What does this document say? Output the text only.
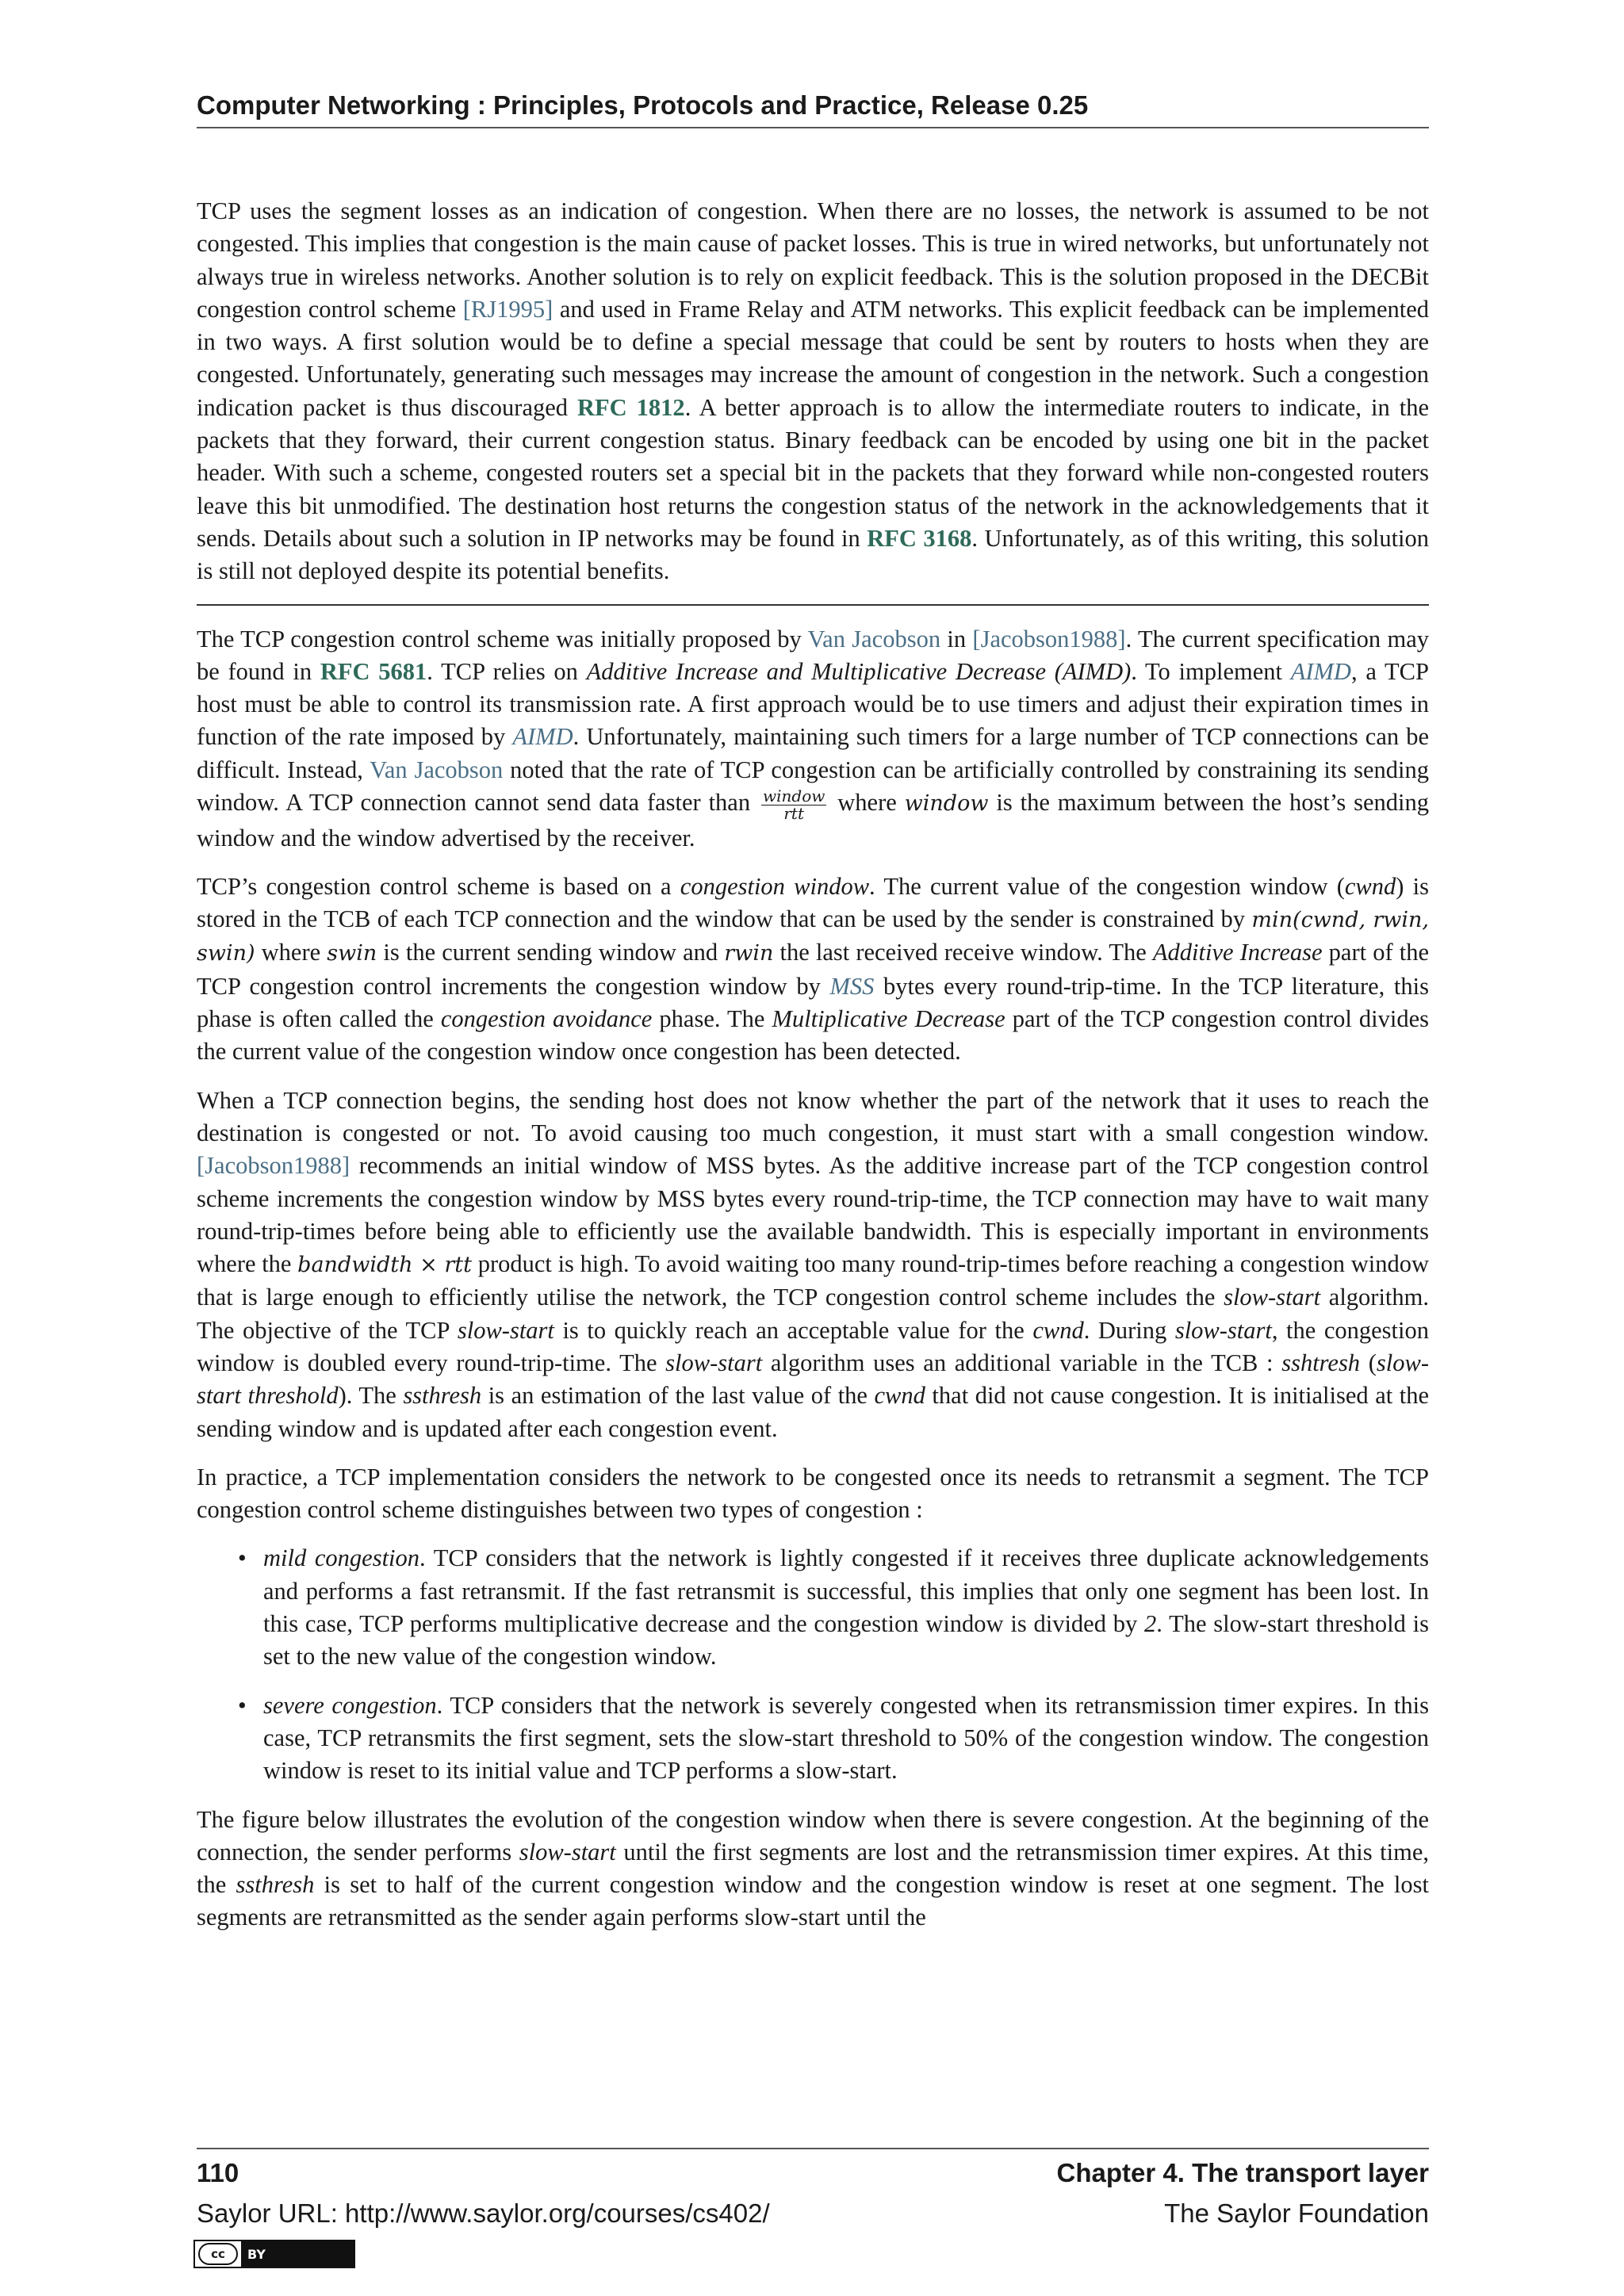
Computer Networking : Principles, Protocols and Practice, Release 0.25

TCP uses the segment losses as an indication of congestion. When there are no losses, the network is assumed to be not congested. This implies that congestion is the main cause of packet losses. This is true in wired networks, but unfortunately not always true in wireless networks. Another solution is to rely on explicit feedback. This is the solution proposed in the DECBit congestion control scheme [RJ1995] and used in Frame Relay and ATM networks. This explicit feedback can be implemented in two ways. A first solution would be to define a special message that could be sent by routers to hosts when they are congested. Unfortunately, generating such messages may increase the amount of congestion in the network. Such a congestion indication packet is thus discouraged RFC 1812. A better approach is to allow the intermediate routers to indicate, in the packets that they forward, their current congestion status. Binary feedback can be encoded by using one bit in the packet header. With such a scheme, congested routers set a special bit in the packets that they forward while non-congested routers leave this bit unmodified. The destination host returns the congestion status of the network in the acknowledgements that it sends. Details about such a solution in IP networks may be found in RFC 3168. Unfortunately, as of this writing, this solution is still not deployed despite its potential benefits.

The TCP congestion control scheme was initially proposed by Van Jacobson in [Jacobson1988]. The current specification may be found in RFC 5681. TCP relies on Additive Increase and Multiplicative Decrease (AIMD). To implement AIMD, a TCP host must be able to control its transmission rate. A first approach would be to use timers and adjust their expiration times in function of the rate imposed by AIMD. Unfortunately, maintaining such timers for a large number of TCP connections can be difficult. Instead, Van Jacobson noted that the rate of TCP congestion can be artificially controlled by constraining its sending window. A TCP connection cannot send data faster than $\frac{\text{window}}{\text{rtt}}$ where window is the maximum between the host’s sending window and the window advertised by the receiver.

TCP’s congestion control scheme is based on a congestion window. The current value of the congestion window (cwnd) is stored in the TCB of each TCP connection and the window that can be used by the sender is constrained by min(cwnd, rwin, swin) where swin is the current sending window and rwin the last received receive window. The Additive Increase part of the TCP congestion control increments the congestion window by MSS bytes every round-trip-time. In the TCP literature, this phase is often called the congestion avoidance phase. The Multiplicative Decrease part of the TCP congestion control divides the current value of the congestion window once congestion has been detected.

When a TCP connection begins, the sending host does not know whether the part of the network that it uses to reach the destination is congested or not. To avoid causing too much congestion, it must start with a small congestion window. [Jacobson1988] recommends an initial window of MSS bytes. As the additive increase part of the TCP congestion control scheme increments the congestion window by MSS bytes every round-trip-time, the TCP connection may have to wait many round-trip-times before being able to efficiently use the available bandwidth. This is especially important in environments where the bandwidth × rtt product is high. To avoid waiting too many round-trip-times before reaching a congestion window that is large enough to efficiently utilise the network, the TCP congestion control scheme includes the slow-start algorithm. The objective of the TCP slow-start is to quickly reach an acceptable value for the cwnd. During slow-start, the congestion window is doubled every round-trip-time. The slow-start algorithm uses an additional variable in the TCB : sshtresh (slow-start threshold). The ssthresh is an estimation of the last value of the cwnd that did not cause congestion. It is initialised at the sending window and is updated after each congestion event.

In practice, a TCP implementation considers the network to be congested once its needs to retransmit a segment. The TCP congestion control scheme distinguishes between two types of congestion :

• mild congestion. TCP considers that the network is lightly congested if it receives three duplicate acknowledgements and performs a fast retransmit. If the fast retransmit is successful, this implies that only one segment has been lost. In this case, TCP performs multiplicative decrease and the congestion window is divided by 2. The slow-start threshold is set to the new value of the congestion window.
• severe congestion. TCP considers that the network is severely congested when its retransmission timer expires. In this case, TCP retransmits the first segment, sets the slow-start threshold to 50% of the congestion window. The congestion window is reset to its initial value and TCP performs a slow-start.

The figure below illustrates the evolution of the congestion window when there is severe congestion. At the beginning of the connection, the sender performs slow-start until the first segments are lost and the retransmission timer expires. At this time, the ssthresh is set to half of the current congestion window and the congestion window is reset at one segment. The lost segments are retransmitted as the sender again performs slow-start until the

110	Chapter 4. The transport layer
Saylor URL: http://www.saylor.org/courses/cs402/	The Saylor Foundation
cc	BY
